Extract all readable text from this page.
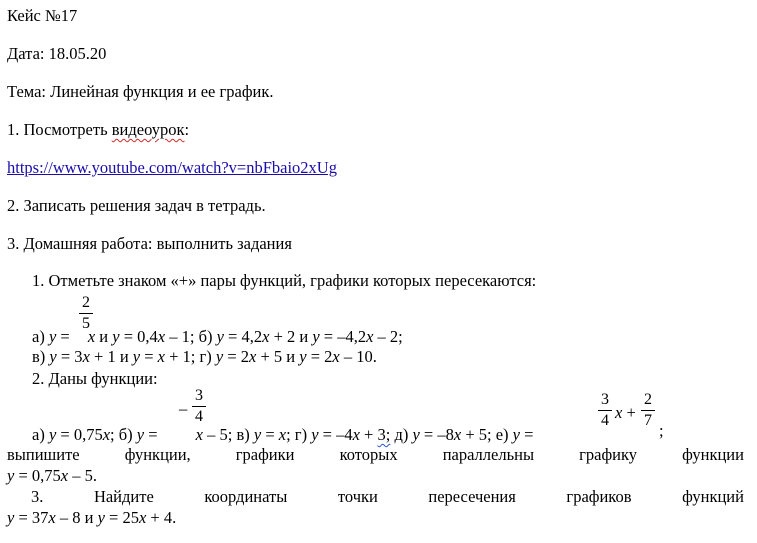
Кейс №17
Дата: 18.05.20
Тема: Линейная функция и ее график.
1. Посмотреть видеоурок:
https://www.youtube.com/watch?v=nbFbaio2xUg
2. Записать решения задач в тетрадь.
3. Домашняя работа: выполнить задания
1. Отметьте знаком «+» пары функций, графики которых пересекаются:
2
5
а) y = x и y = 0,4x – 1; б) y = 4,2x + 2 и y = –4,2x – 2;
в) y = 3x + 1 и y = x + 1; г) y = 2x + 5 и y = 2x – 10.
2. Даны функции:
–
3
4
3
4 x +
2
7
;
а) y = 0,75x; б) y = x – 5; в) y = x; г) y = –4x + 3; д) y = –8x + 5; е) y =
выпишите	функции,	графики	которых	параллельны	графику	функции
y = 0,75x – 5.
3.	Найдите	координаты	точки	пересечения	графиков	функций
y = 37x – 8 и y = 25x + 4.
